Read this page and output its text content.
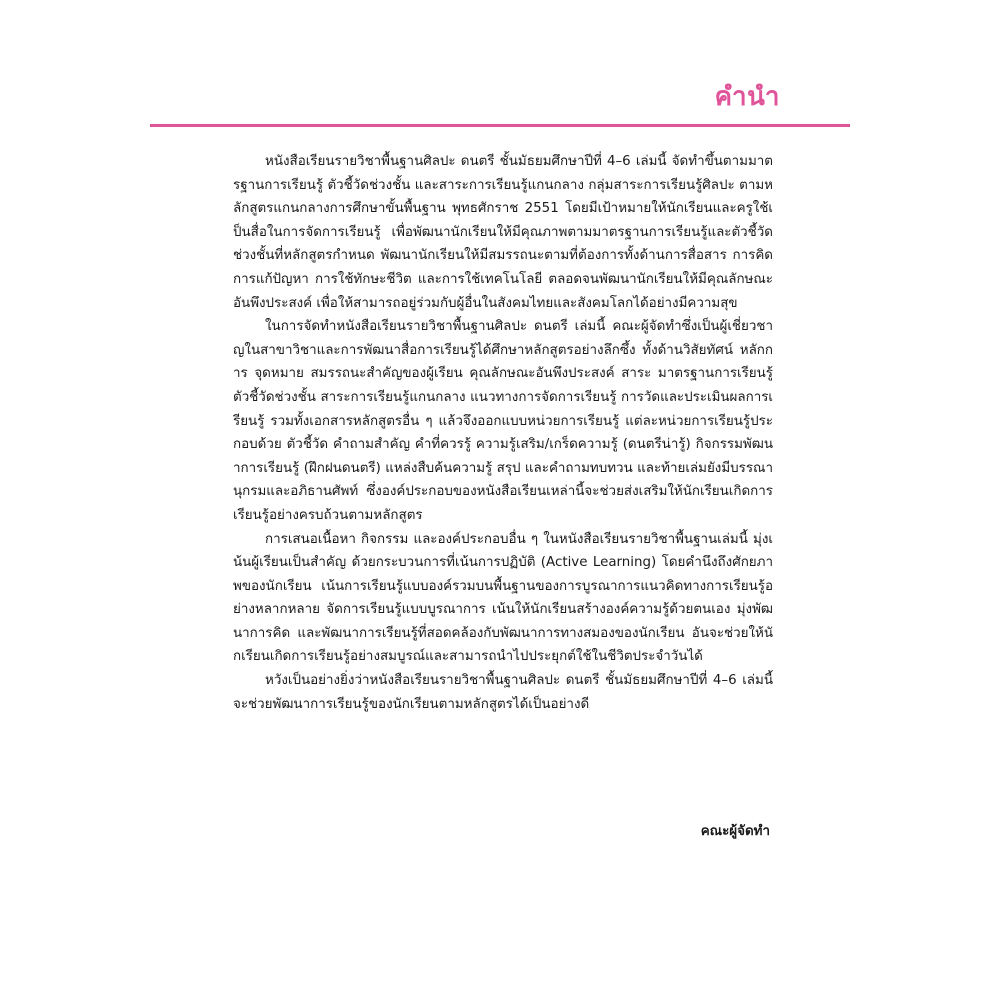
คำนำ

หนังสือเรียนรายวิชาพื้นฐานศิลปะ ดนตรี ชั้นมัธยมศึกษาปีที่ 4–6 เล่มนี้ จัดทำขึ้นตามมาตรฐานการเรียนรู้ ตัวชี้วัดช่วงชั้น และสาระการเรียนรู้แกนกลาง กลุ่มสาระการเรียนรู้ศิลปะ ตามหลักสูตรแกนกลางการศึกษาขั้นพื้นฐาน พุทธศักราช 2551 โดยมีเป้าหมายให้นักเรียนและครูใช้เป็นสื่อในการจัดการเรียนรู้ เพื่อพัฒนานักเรียนให้มีคุณภาพตามมาตรฐานการเรียนรู้และตัวชี้วัดช่วงชั้นที่หลักสูตรกำหนด พัฒนานักเรียนให้มีสมรรถนะตามที่ต้องการทั้งด้านการสื่อสาร การคิด การแก้ปัญหา การใช้ทักษะชีวิต และการใช้เทคโนโลยี ตลอดจนพัฒนานักเรียนให้มีคุณลักษณะอันพึงประสงค์ เพื่อให้สามารถอยู่ร่วมกับผู้อื่นในสังคมไทยและสังคมโลกได้อย่างมีความสุข

ในการจัดทำหนังสือเรียนรายวิชาพื้นฐานศิลปะ ดนตรี เล่มนี้ คณะผู้จัดทำซึ่งเป็นผู้เชี่ยวชาญในสาขาวิชาและการพัฒนาสื่อการเรียนรู้ได้ศึกษาหลักสูตรอย่างลึกซึ้ง ทั้งด้านวิสัยทัศน์ หลักการ จุดหมาย สมรรถนะสำคัญของผู้เรียน คุณลักษณะอันพึงประสงค์ สาระ มาตรฐานการเรียนรู้ ตัวชี้วัดช่วงชั้น สาระการเรียนรู้แกนกลาง แนวทางการจัดการเรียนรู้ การวัดและประเมินผลการเรียนรู้ รวมทั้งเอกสารหลักสูตรอื่น ๆ แล้วจึงออกแบบหน่วยการเรียนรู้ แต่ละหน่วยการเรียนรู้ประกอบด้วย ตัวชี้วัด คำถามสำคัญ คำที่ควรรู้ ความรู้เสริม/เกร็ดความรู้ (ดนตรีน่ารู้) กิจกรรมพัฒนาการเรียนรู้ (ฝึกฝนดนตรี) แหล่งสืบค้นความรู้ สรุป และคำถามทบทวน และท้ายเล่มยังมีบรรณานุกรมและอภิธานศัพท์ ซึ่งองค์ประกอบของหนังสือเรียนเหล่านี้จะช่วยส่งเสริมให้นักเรียนเกิดการเรียนรู้อย่างครบถ้วนตามหลักสูตร

การเสนอเนื้อหา กิจกรรม และองค์ประกอบอื่น ๆ ในหนังสือเรียนรายวิชาพื้นฐานเล่มนี้ มุ่งเน้นผู้เรียนเป็นสำคัญ ด้วยกระบวนการที่เน้นการปฏิบัติ (Active Learning) โดยคำนึงถึงศักยภาพของนักเรียน เน้นการเรียนรู้แบบองค์รวมบนพื้นฐานของการบูรณาการแนวคิดทางการเรียนรู้อย่างหลากหลาย จัดการเรียนรู้แบบบูรณาการ เน้นให้นักเรียนสร้างองค์ความรู้ด้วยตนเอง มุ่งพัฒนาการคิด และพัฒนาการเรียนรู้ที่สอดคล้องกับพัฒนาการทางสมองของนักเรียน อันจะช่วยให้นักเรียนเกิดการเรียนรู้อย่างสมบูรณ์และสามารถนำไปประยุกต์ใช้ในชีวิตประจำวันได้

หวังเป็นอย่างยิ่งว่าหนังสือเรียนรายวิชาพื้นฐานศิลปะ ดนตรี ชั้นมัธยมศึกษาปีที่ 4–6 เล่มนี้ จะช่วยพัฒนาการเรียนรู้ของนักเรียนตามหลักสูตรได้เป็นอย่างดี

คณะผู้จัดทำ
